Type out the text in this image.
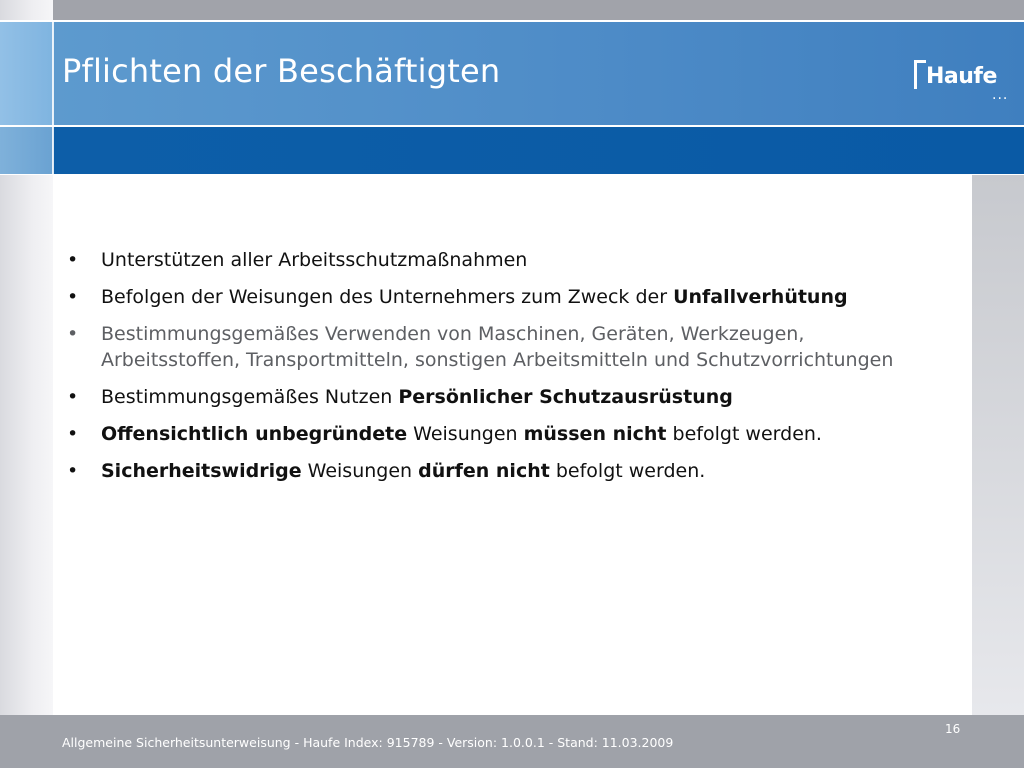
Pflichten der Beschäftigten	Haufe
...
• Unterstützen aller Arbeitsschutzmaßnahmen
• Befolgen der Weisungen des Unternehmers zum Zweck der Unfallverhütung
• Bestimmungsgemäßes Verwenden von Maschinen, Geräten, Werkzeugen, Arbeitsstoffen, Transportmitteln, sonstigen Arbeitsmitteln und Schutzvorrichtungen
• Bestimmungsgemäßes Nutzen Persönlicher Schutzausrüstung
• Offensichtlich unbegründete Weisungen müssen nicht befolgt werden.
• Sicherheitswidrige Weisungen dürfen nicht befolgt werden.
Allgemeine Sicherheitsunterweisung - Haufe Index: 915789 - Version: 1.0.0.1 - Stand: 11.03.2009
16
